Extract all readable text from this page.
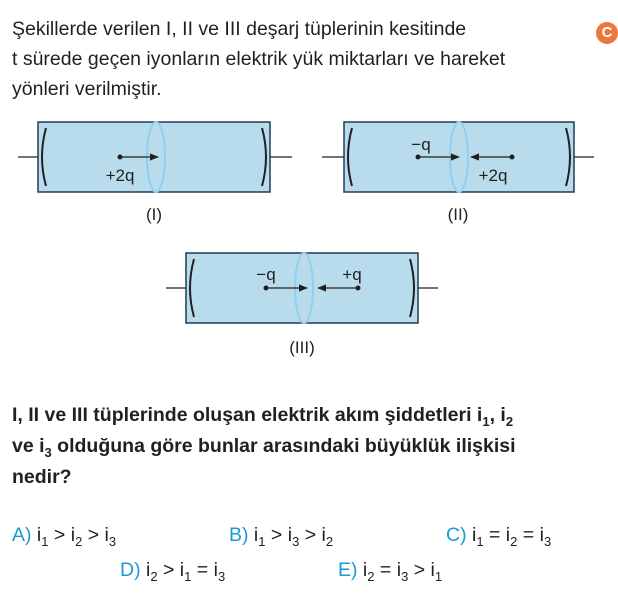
Şekillerde verilen I, II ve III deşarj tüplerinin kesitinde
t sürede geçen iyonların elektrik yük miktarları ve hareket
yönleri verilmiştir.
C
+2q
(I)
−q
+2q
(II)
−q	+q
(III)
I, II ve III tüplerinde oluşan elektrik akım şiddetleri $i_1$, $i_2$
ve $i_3$ olduğuna göre bunlar arasındaki büyüklük ilişkisi
nedir?
A) $i_1 > i_2 > i_3$	B) $i_1 > i_3 > i_2$	C) $i_1 = i_2 = i_3$
D) $i_2 > i_1 = i_3$	E) $i_2 = i_3 > i_1$
